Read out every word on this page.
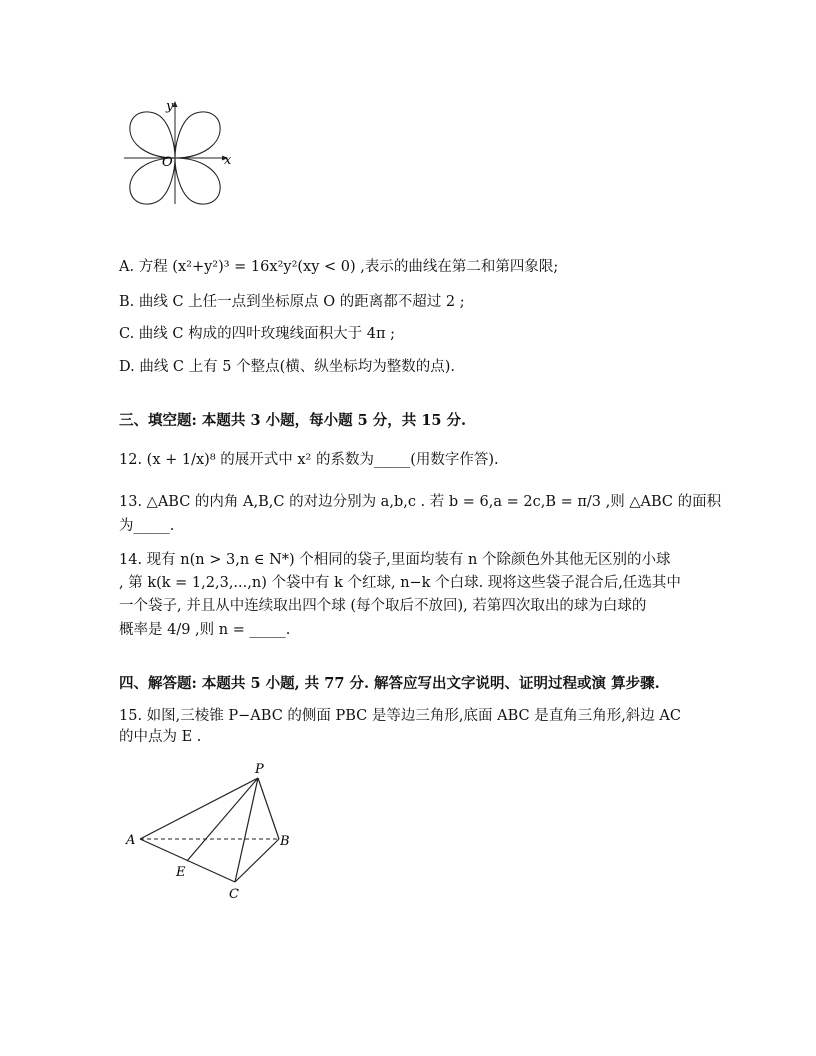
y
x
O
A. 方程 (x²+y²)³ = 16x²y²(xy < 0) ,表示的曲线在第二和第四象限;
B. 曲线 C 上任一点到坐标原点 O 的距离都不超过 2 ;
C. 曲线 C 构成的四叶玫瑰线面积大于 4π ;
D. 曲线 C 上有 5 个整点(横、纵坐标均为整数的点).
三、填空题: 本题共 3 小题，每小题 5 分，共 15 分.
12. (x + 1/x)⁸ 的展开式中 x² 的系数为_____(用数字作答).
13. △ABC 的内角 A,B,C 的对边分别为 a,b,c . 若 b = 6,a = 2c,B = π/3 ,则 △ABC 的面积
为_____.
14. 现有 n(n > 3,n ∈ N*) 个相同的袋子,里面均装有 n 个除颜色外其他无区别的小球
, 第 k(k = 1,2,3,...,n) 个袋中有 k 个红球, n−k 个白球. 现将这些袋子混合后,任选其中
一个袋子, 并且从中连续取出四个球 (每个取后不放回), 若第四次取出的球为白球的
概率是 4/9 ,则 n = _____.
四、解答题: 本题共 5 小题, 共 77 分. 解答应写出文字说明、证明过程或演 算步骤.
15. 如图,三棱锥 P−ABC 的侧面 PBC 是等边三角形,底面 ABC 是直角三角形,斜边 AC
的中点为 E .
P
A	B
C
E
